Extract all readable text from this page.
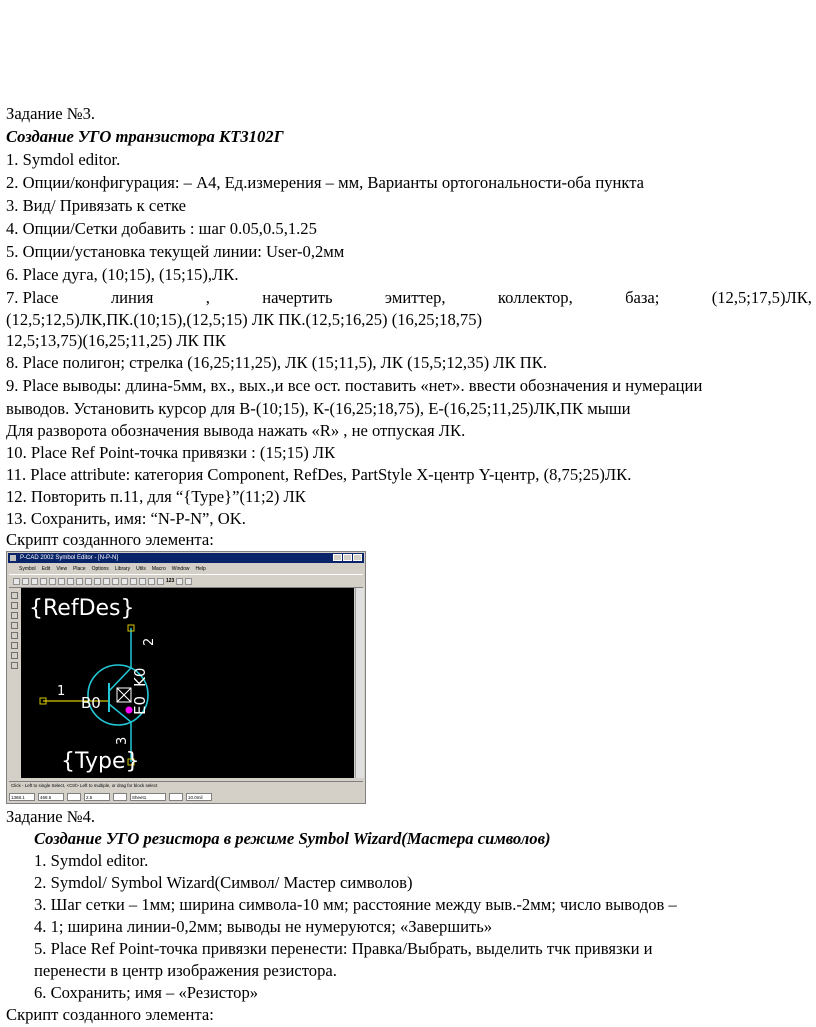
Задание №3.
Создание УГО транзистора КТ3102Г
1. Symdol editor.
2. Опции/конфигурация: – А4, Ед.измерения – мм, Варианты ортогональности-оба пункта
3. Вид/ Привязать к сетке
4. Опции/Сетки добавить : шаг 0.05,0.5,1.25
5. Опции/установка текущей линии: User-0,2мм
6. Place дуга, (10;15), (15;15),ЛК.
7. Place	линия	,	начертить	эмиттер,	коллектор,	база;	(12,5;17,5)ЛК,
(12,5;12,5)ЛК,ПК.(10;15),(12,5;15) ЛК ПК.(12,5;16,25) (16,25;18,75)
12,5;13,75)(16,25;11,25) ЛК ПК
8. Place полигон; стрелка (16,25;11,25), ЛК (15;11,5), ЛК (15,5;12,35) ЛК ПК.
9. Place выводы: длина-5мм, вх., вых.,и все ост. поставить «нет». ввести обозначения и нумерации
выводов. Установить курсор для В-(10;15), К-(16,25;18,75), Е-(16,25;11,25)ЛК,ПК мыши
Для разворота обозначения вывода нажать «R» , не отпуская ЛК.
10. Place Ref Point-точка привязки : (15;15) ЛК
11. Place attribute: категория Component, RefDes, PartStyle X-центр Y-центр, (8,75;25)ЛК.
12. Повторить п.11, для “{Type}”(11;2) ЛК
13. Сохранить, имя: “N-P-N”, OK.
Скрипт созданного элемента:
P-CAD 2002 Symbol Editor - [N-P-N]
Symbol Edit View Place Options Library Utils Macro Window Help
123
{RefDes}
2
1
B0
3
E0
K0
{Type}
Click - Left to single Select, <Ctrl> Left to multiple, or drag for block select
1368.1	468.5	2.5	Sheet1	10.0mil
Задание №4.
Создание УГО резистора в режиме Symbol Wizard(Мастера символов)
1. Symdol editor.
2. Symdol/ Symbol Wizard(Символ/ Мастер символов)
3. Шаг сетки – 1мм; ширина символа-10 мм; расстояние между выв.-2мм; число выводов –
4. 1; ширина линии-0,2мм; выводы не нумеруются; «Завершить»
5. Place Ref Point-точка привязки перенести: Правка/Выбрать, выделить тчк привязки и
перенести в центр изображения резистора.
6. Сохранить; имя – «Резистор»
Скрипт созданного элемента:
